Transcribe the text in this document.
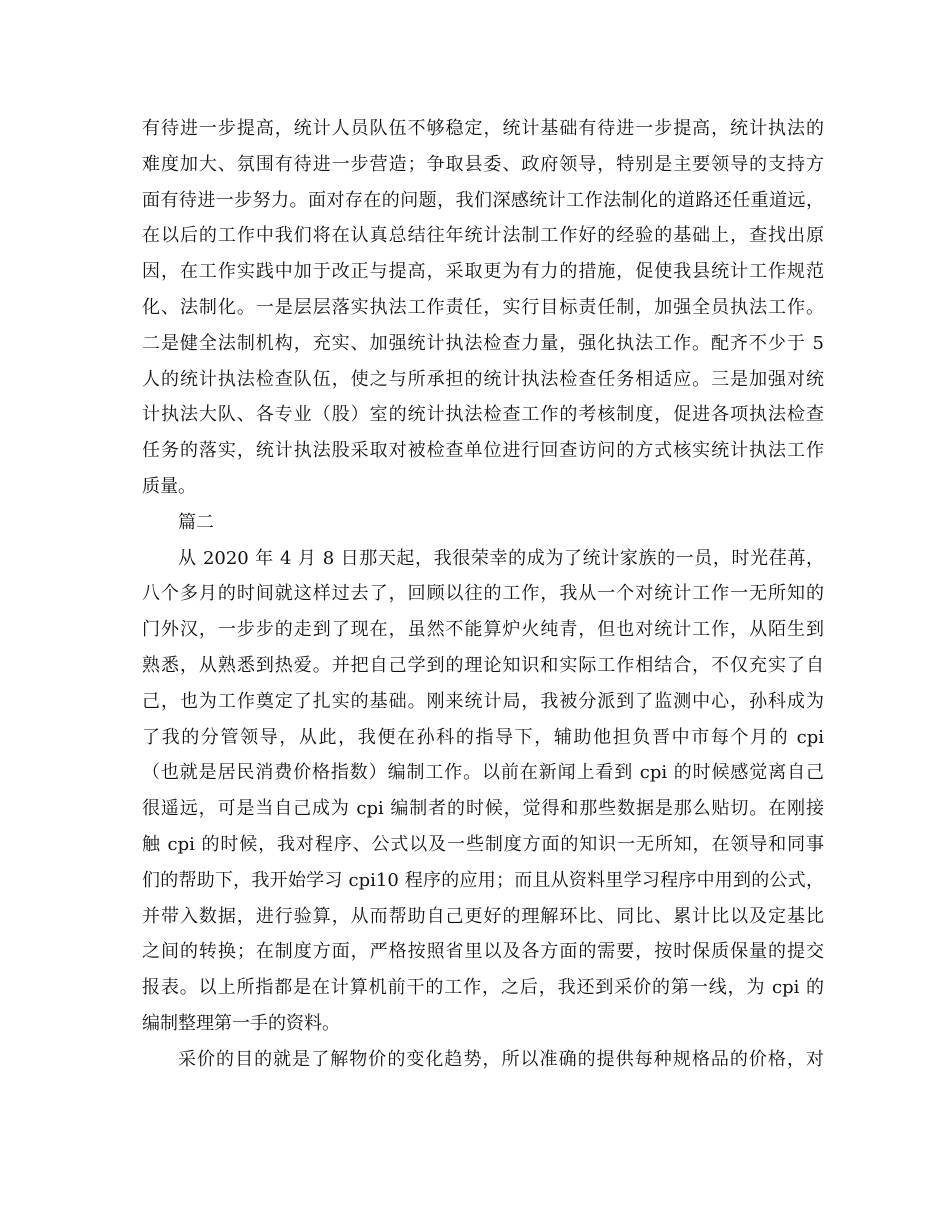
有待进一步提高，统计人员队伍不够稳定，统计基础有待进一步提高，统计执法的
难度加大、氛围有待进一步营造；争取县委、政府领导，特别是主要领导的支持方
面有待进一步努力。面对存在的问题，我们深感统计工作法制化的道路还任重道远，
在以后的工作中我们将在认真总结往年统计法制工作好的经验的基础上，查找出原
因，在工作实践中加于改正与提高，采取更为有力的措施，促使我县统计工作规范
化、法制化。一是层层落实执法工作责任，实行目标责任制，加强全员执法工作。
二是健全法制机构，充实、加强统计执法检查力量，强化执法工作。配齐不少于 5
人的统计执法检查队伍，使之与所承担的统计执法检查任务相适应。三是加强对统
计执法大队、各专业（股）室的统计执法检查工作的考核制度，促进各项执法检查
任务的落实，统计执法股采取对被检查单位进行回查访问的方式核实统计执法工作
质量。

篇二

从 2020 年 4 月 8 日那天起，我很荣幸的成为了统计家族的一员，时光荏苒，
八个多月的时间就这样过去了，回顾以往的工作，我从一个对统计工作一无所知的
门外汉，一步步的走到了现在，虽然不能算炉火纯青，但也对统计工作，从陌生到
熟悉，从熟悉到热爱。并把自己学到的理论知识和实际工作相结合，不仅充实了自
己，也为工作奠定了扎实的基础。刚来统计局，我被分派到了监测中心，孙科成为
了我的分管领导，从此，我便在孙科的指导下，辅助他担负晋中市每个月的 cpi
（也就是居民消费价格指数）编制工作。以前在新闻上看到 cpi 的时候感觉离自己
很遥远，可是当自己成为 cpi 编制者的时候，觉得和那些数据是那么贴切。在刚接
触 cpi 的时候，我对程序、公式以及一些制度方面的知识一无所知，在领导和同事
们的帮助下，我开始学习 cpi10 程序的应用；而且从资料里学习程序中用到的公式，
并带入数据，进行验算，从而帮助自己更好的理解环比、同比、累计比以及定基比
之间的转换；在制度方面，严格按照省里以及各方面的需要，按时保质保量的提交
报表。以上所指都是在计算机前干的工作，之后，我还到采价的第一线，为 cpi 的
编制整理第一手的资料。

采价的目的就是了解物价的变化趋势，所以准确的提供每种规格品的价格，对
